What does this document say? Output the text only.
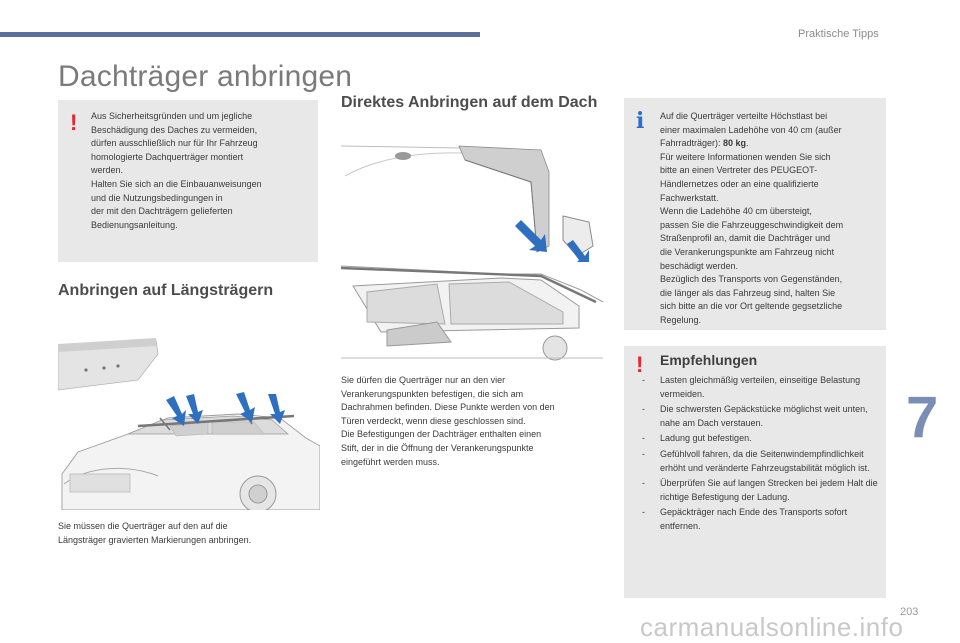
Praktische Tipps
Dachträger anbringen
! Aus Sicherheitsgründen und um jegliche
Beschädigung des Daches zu vermeiden,
dürfen ausschließlich nur für Ihr Fahrzeug
homologierte Dachquerträger montiert
werden.
Halten Sie sich an die Einbauanweisungen
und die Nutzungsbedingungen in
der mit den Dachträgern gelieferten
Bedienungsanleitung.
Anbringen auf Längsträgern
Sie müssen die Querträger auf den auf die
Längsträger gravierten Markierungen anbringen.
Direktes Anbringen auf dem Dach
Sie dürfen die Querträger nur an den vier
Verankerungspunkten befestigen, die sich am
Dachrahmen befinden. Diese Punkte werden von den
Türen verdeckt, wenn diese geschlossen sind.
Die Befestigungen der Dachträger enthalten einen
Stift, der in die Öffnung der Verankerungspunkte
eingeführt werden muss.
i Auf die Querträger verteilte Höchstlast bei
einer maximalen Ladehöhe von 40 cm (außer
Fahrradträger): 80 kg.
Für weitere Informationen wenden Sie sich
bitte an einen Vertreter des PEUGEOT-
Händlernetzes oder an eine qualifizierte
Fachwerkstatt.
Wenn die Ladehöhe 40 cm übersteigt,
passen Sie die Fahrzeuggeschwindigkeit dem
Straßenprofil an, damit die Dachträger und
die Verankerungspunkte am Fahrzeug nicht
beschädigt werden.
Bezüglich des Transports von Gegenständen,
die länger als das Fahrzeug sind, halten Sie
sich bitte an die vor Ort geltende gegsetzliche
Regelung.
! Empfehlungen
- Lasten gleichmäßig verteilen, einseitige Belastung vermeiden.
- Die schwersten Gepäckstücke möglichst weit unten, nahe am Dach verstauen.
- Ladung gut befestigen.
- Gefühlvoll fahren, da die Seitenwindempfindlichkeit erhöht und veränderte Fahrzeugstabilität möglich ist.
- Überprüfen Sie auf langen Strecken bei jedem Halt die richtige Befestigung der Ladung.
- Gepäckträger nach Ende des Transports sofort entfernen.
7
carmanualsonline.info
203
